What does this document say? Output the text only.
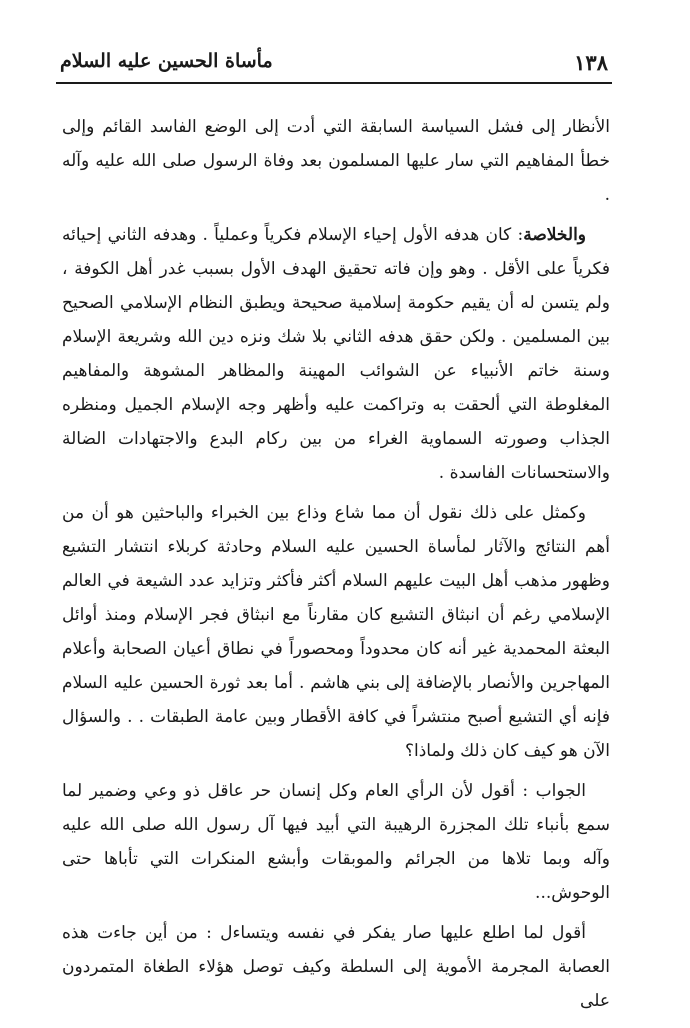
١٣٨
مأساة الحسين عليه السلام

الأنظار إلى فشل السياسة السابقة التي أدت إلى الوضع الفاسد القائم وإلى خطأ المفاهيم التي سار عليها المسلمون بعد وفاة الرسول صلى الله عليه وآله .

والخلاصة: كان هدفه الأول إحياء الإسلام فكرياً وعملياً . وهدفه الثاني إحيائه فكرياً على الأقل . وهو وإن فاته تحقيق الهدف الأول بسبب غدر أهل الكوفة ، ولم يتسن له أن يقيم حكومة إسلامية صحيحة ويطبق النظام الإسلامي الصحيح بين المسلمين . ولكن حقق هدفه الثاني بلا شك ونزه دين الله وشريعة الإسلام وسنة خاتم الأنبياء عن الشوائب المهينة والمظاهر المشوهة والمفاهيم المغلوطة التي ألحقت به وتراكمت عليه وأظهر وجه الإسلام الجميل ومنظره الجذاب وصورته السماوية الغراء من بين ركام البدع والاجتهادات الضالة والاستحسانات الفاسدة .

وكمثل على ذلك نقول أن مما شاع وذاع بين الخبراء والباحثين هو أن من أهم النتائج والآثار لمأساة الحسين عليه السلام وحادثة كربلاء انتشار التشيع وظهور مذهب أهل البيت عليهم السلام أكثر فأكثر وتزايد عدد الشيعة في العالم الإسلامي رغم أن انبثاق التشيع كان مقارناً مع انبثاق فجر الإسلام ومنذ أوائل البعثة المحمدية غير أنه كان محدوداً ومحصوراً في نطاق أعيان الصحابة وأعلام المهاجرين والأنصار بالإضافة إلى بني هاشم . أما بعد ثورة الحسين عليه السلام فإنه أي التشيع أصبح منتشراً في كافة الأقطار وبين عامة الطبقات . . والسؤال الآن هو كيف كان ذلك ولماذا؟

الجواب : أقول لأن الرأي العام وكل إنسان حر عاقل ذو وعي وضمير لما سمع بأنباء تلك المجزرة الرهيبة التي أبيد فيها آل رسول الله صلى الله عليه وآله وبما تلاها من الجرائم والموبقات وأبشع المنكرات التي تأباها حتى الوحوش...

أقول لما اطلع عليها صار يفكر في نفسه ويتساءل : من أين جاءت هذه العصابة المجرمة الأموية إلى السلطة وكيف توصل هؤلاء الطغاة المتمردون على
